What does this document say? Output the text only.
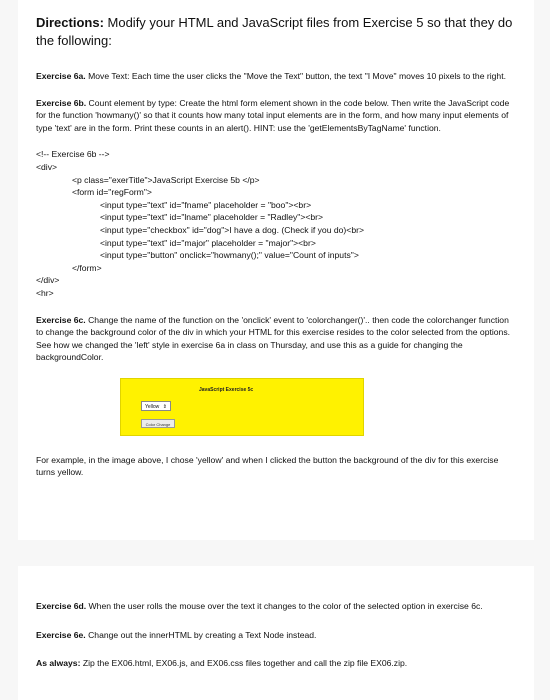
Directions: Modify your HTML and JavaScript files from Exercise 5 so that they do the following:

Exercise 6a. Move Text: Each time the user clicks the "Move the Text" button, the text "I Move" moves 10 pixels to the right.

Exercise 6b. Count element by type: Create the html form element shown in the code below. Then write the JavaScript code for the function 'howmany()' so that it counts how many total input elements are in the form, and how many input elements of type 'text' are in the form. Print these counts in an alert(). HINT: use the 'getElementsByTagName' function.

<!-- Exercise 6b -->
<div>
<p class="exerTitle">JavaScript Exercise 5b </p>
<form id="regForm">
<input type="text" id="fname" placeholder = "boo"><br>
<input type="text" id="lname" placeholder = "Radley"><br>
<input type="checkbox" id="dog">I have a dog. (Check if you do)<br>
<input type="text" id="major" placeholder = "major"><br>
<input type="button" onclick="howmany();" value="Count of inputs">
</form>
</div>
<hr>

Exercise 6c. Change the name of the function on the 'onclick' event to 'colorchanger()'.. then code the colorchanger function to change the background color of the div in which your HTML for this exercise resides to the color selected from the options. See how we changed the 'left' style in exercise 6a in class on Thursday, and use this as a guide for changing the backgroundColor.

JavaScript Exercise 5c
Yellow ⇕
Color Change

For example, in the image above, I chose 'yellow' and when I clicked the button the background of the div for this exercise turns yellow.

Exercise 6d. When the user rolls the mouse over the text it changes to the color of the selected option in exercise 6c.

Exercise 6e. Change out the innerHTML by creating a Text Node instead.

As always: Zip the EX06.html, EX06.js, and EX06.css files together and call the zip file EX06.zip.
